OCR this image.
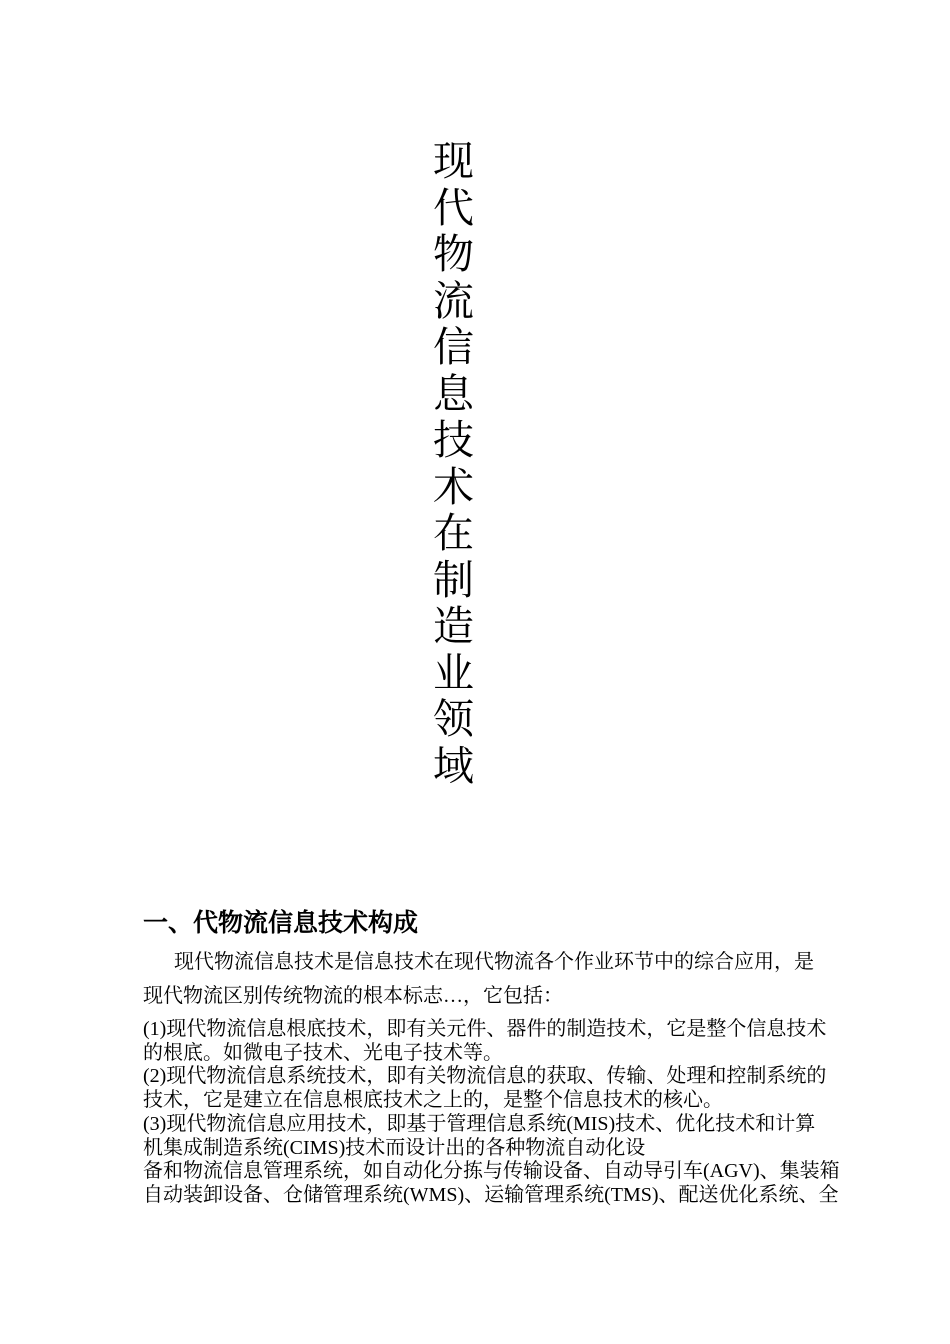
现
代
物
流
信
息
技
术
在
制
造
业
领
域
一、代物流信息技术构成
现代物流信息技术是信息技术在现代物流各个作业环节中的综合应用，是
现代物流区别传统物流的根本标志…，它包括：
(1)现代物流信息根底技术，即有关元件、器件的制造技术，它是整个信息技术
的根底。如微电子技术、光电子技术等。
(2)现代物流信息系统技术，即有关物流信息的获取、传输、处理和控制系统的
技术，它是建立在信息根底技术之上的，是整个信息技术的核心。
(3)现代物流信息应用技术，即基于管理信息系统(MIS)技术、优化技术和计算
机集成制造系统(CIMS)技术而设计出的各种物流自动化设
备和物流信息管理系统，如自动化分拣与传输设备、自动导引车(AGV)、集装箱
自动装卸设备、仓储管理系统(WMS)、运输管理系统(TMS)、配送优化系统、全
